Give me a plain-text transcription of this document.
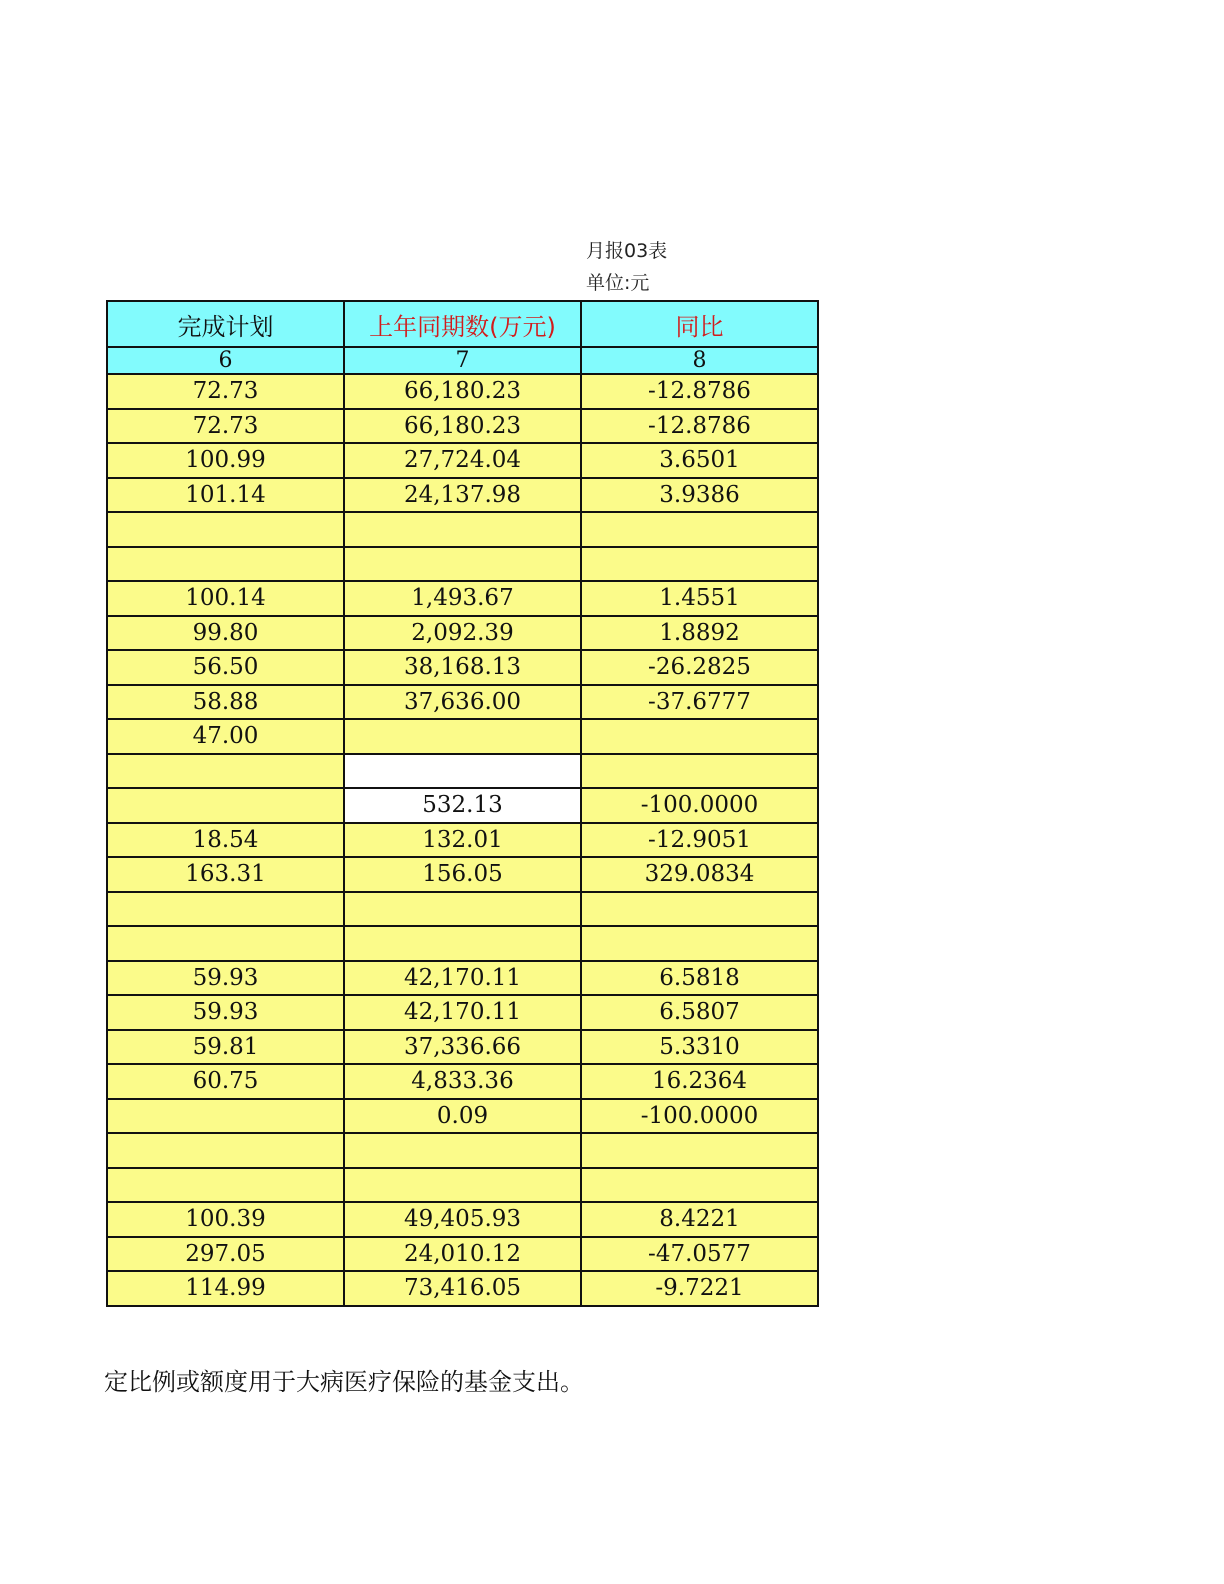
月报03表
单位:元
完成计划	上年同期数(万元)	同比
6	7	8
72.73	66,180.23	-12.8786
72.73	66,180.23	-12.8786
100.99	27,724.04	3.6501
101.14	24,137.98	3.9386

100.14	1,493.67	1.4551
99.80	2,092.39	1.8892
56.50	38,168.13	-26.2825
58.88	37,636.00	-37.6777
47.00		

	532.13	-100.0000
18.54	132.01	-12.9051
163.31	156.05	329.0834

59.93	42,170.11	6.5818
59.93	42,170.11	6.5807
59.81	37,336.66	5.3310
60.75	4,833.36	16.2364
	0.09	-100.0000

100.39	49,405.93	8.4221
297.05	24,010.12	-47.0577
114.99	73,416.05	-9.7221
定比例或额度用于大病医疗保险的基金支出。
